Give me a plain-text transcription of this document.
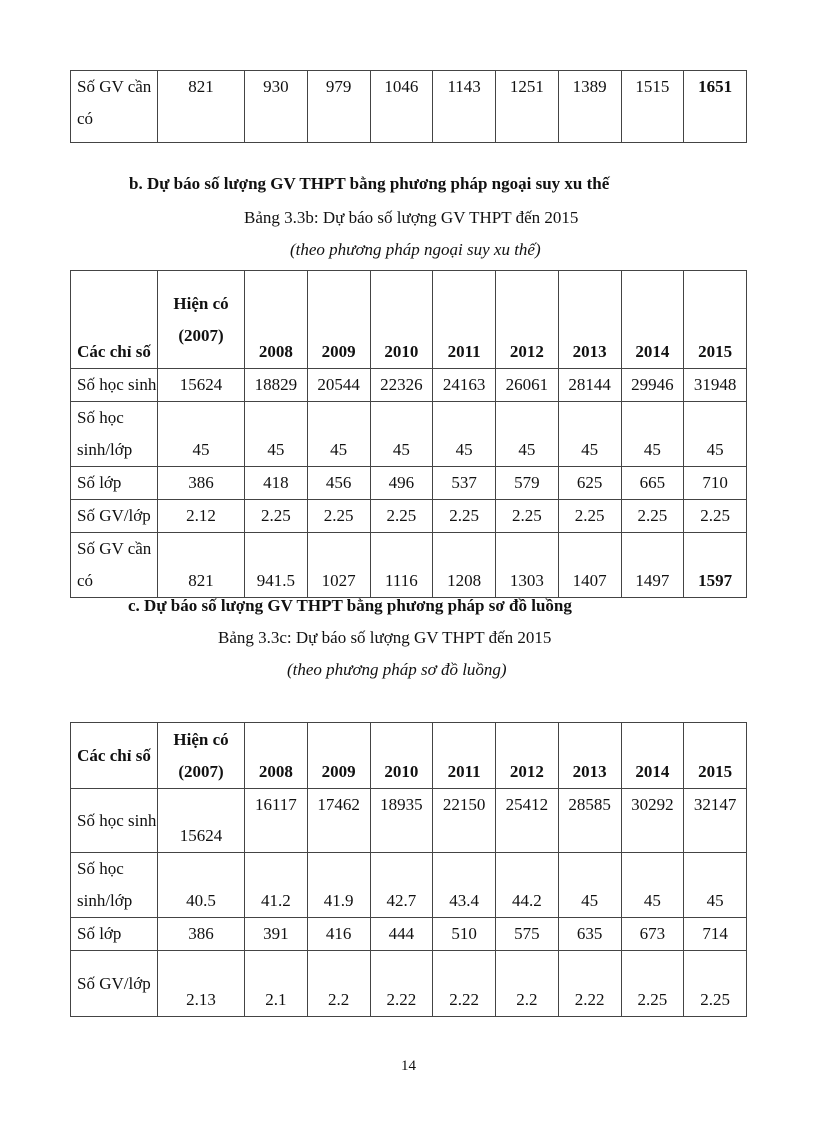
Số GV cần có	821	930	979	1046	1143	1251	1389	1515	1651
b. Dự báo số lượng GV THPT bằng phương pháp ngoại suy xu thế
Bảng 3.3b: Dự báo số lượng GV THPT đến 2015
(theo phương pháp ngoại suy xu thế)
Các chỉ số	Hiện có (2007)	2008	2009	2010	2011	2012	2013	2014	2015
Số học sinh	15624	18829	20544	22326	24163	26061	28144	29946	31948
Số học sinh/lớp	45	45	45	45	45	45	45	45	45
Số lớp	386	418	456	496	537	579	625	665	710
Số GV/lớp	2.12	2.25	2.25	2.25	2.25	2.25	2.25	2.25	2.25
Số GV cần có	821	941.5	1027	1116	1208	1303	1407	1497	1597
c. Dự báo số lượng GV THPT bằng phương pháp sơ đồ luồng
Bảng 3.3c: Dự báo số lượng GV THPT đến 2015
(theo phương pháp sơ đồ luồng)
Các chỉ số	Hiện có (2007)	2008	2009	2010	2011	2012	2013	2014	2015
Số học sinh	15624	16117	17462	18935	22150	25412	28585	30292	32147
Số học sinh/lớp	40.5	41.2	41.9	42.7	43.4	44.2	45	45	45
Số lớp	386	391	416	444	510	575	635	673	714
Số GV/lớp	2.13	2.1	2.2	2.22	2.22	2.2	2.22	2.25	2.25
14
